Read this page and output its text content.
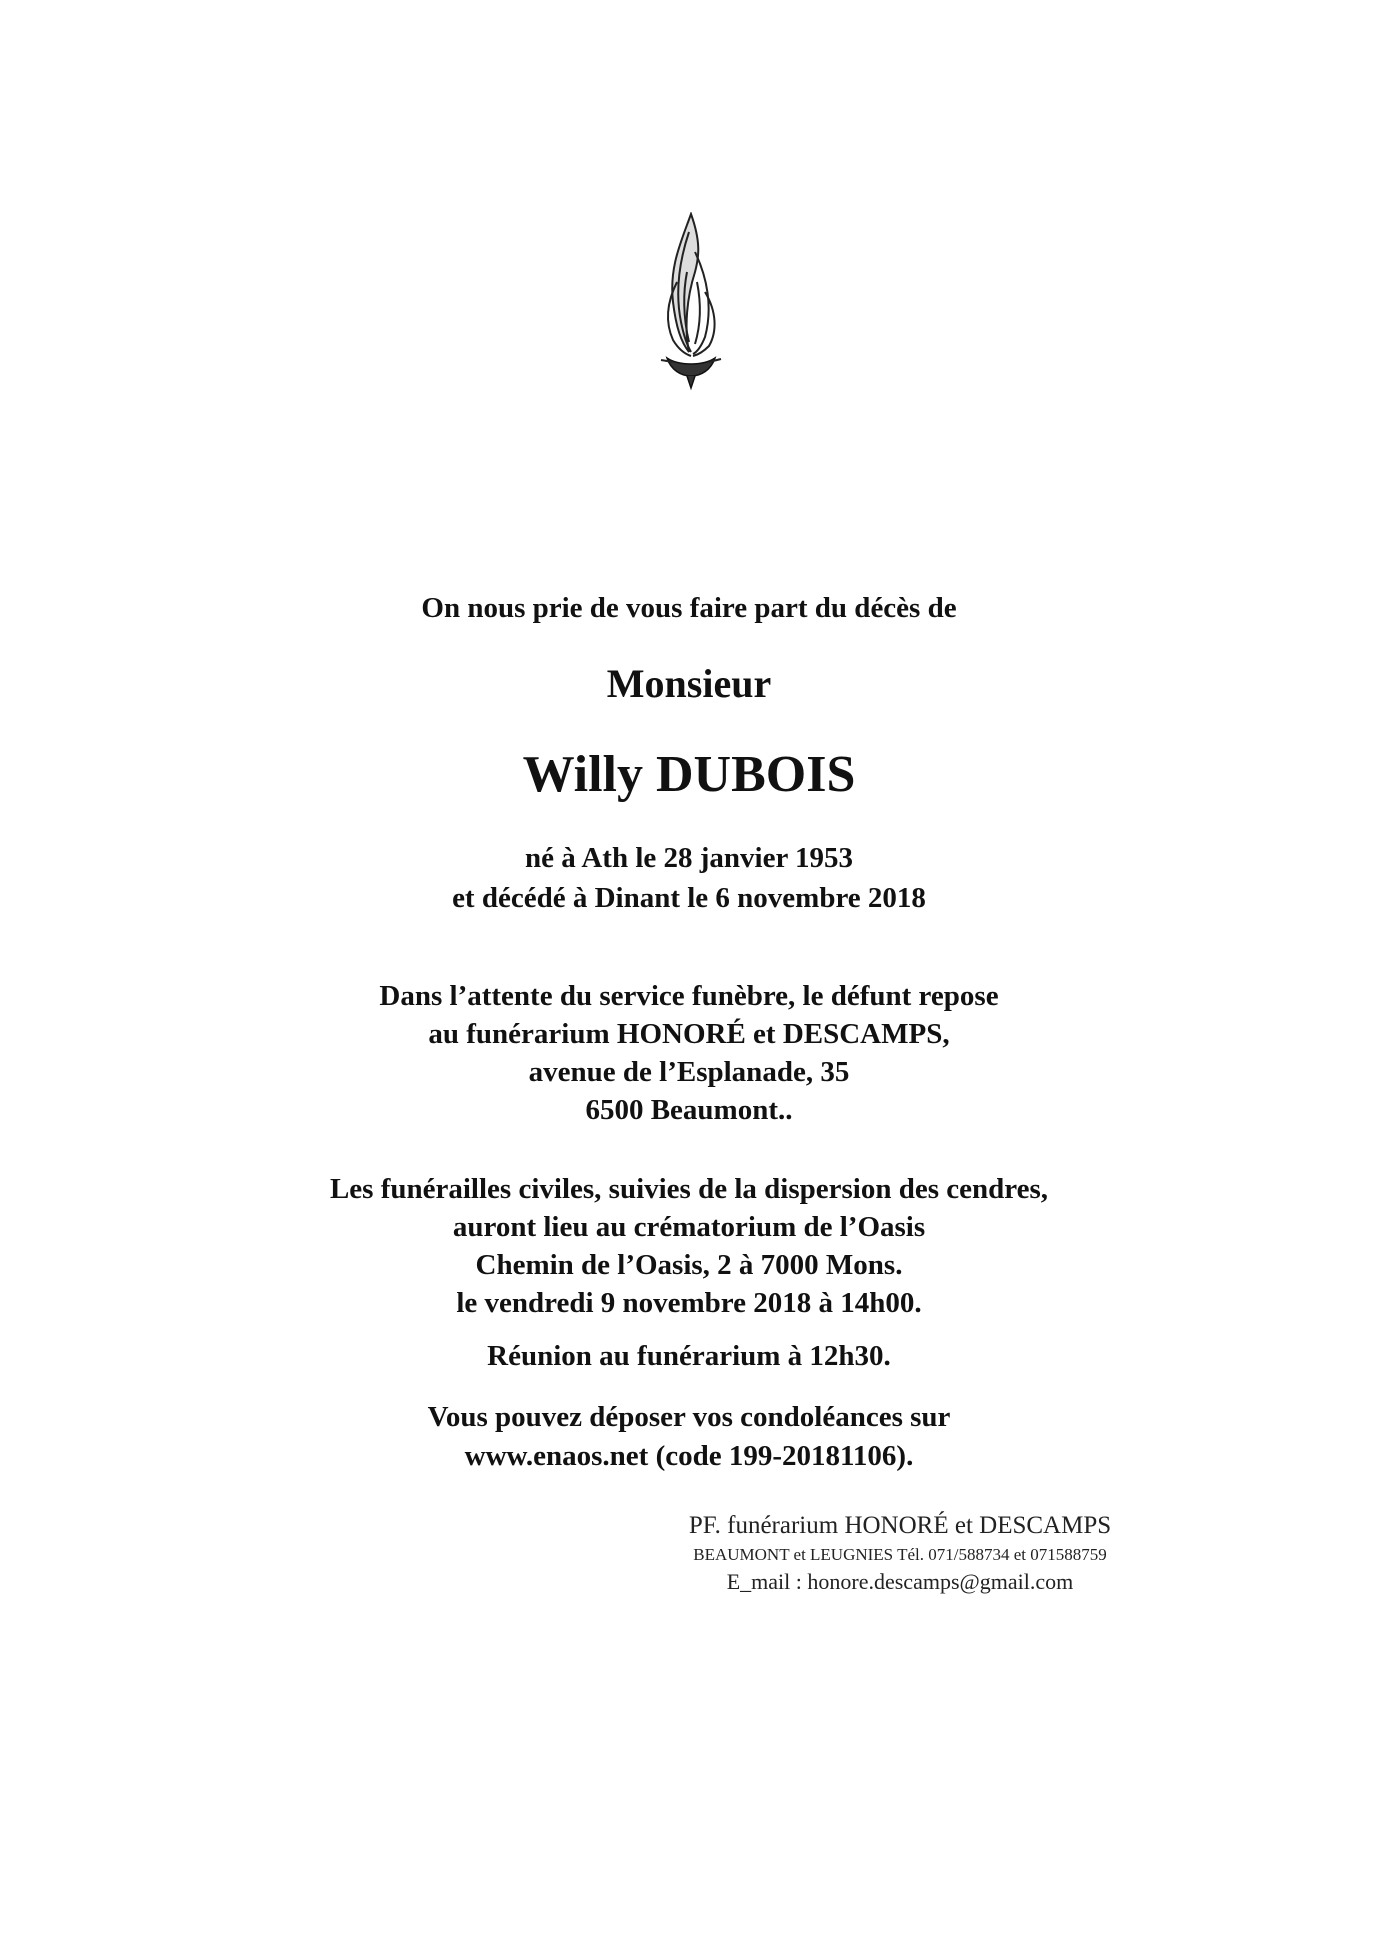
On nous prie de vous faire part du décès de
Monsieur
Willy DUBOIS
né à Ath le 28 janvier 1953
et décédé à Dinant le 6 novembre 2018
Dans l’attente du service funèbre, le défunt repose
au funérarium HONORÉ et DESCAMPS,
avenue de l’Esplanade, 35
6500 Beaumont..
Les funérailles civiles, suivies de la dispersion des cendres,
auront lieu au crématorium de l’Oasis
Chemin de l’Oasis, 2 à 7000 Mons.
le vendredi 9 novembre 2018 à 14h00.
Réunion au funérarium à 12h30.
Vous pouvez déposer vos condoléances sur
www.enaos.net (code 199-20181106).
PF. funérarium HONORÉ et DESCAMPS
BEAUMONT et LEUGNIES Tél. 071/588734 et 071588759
E_mail : honore.descamps@gmail.com
